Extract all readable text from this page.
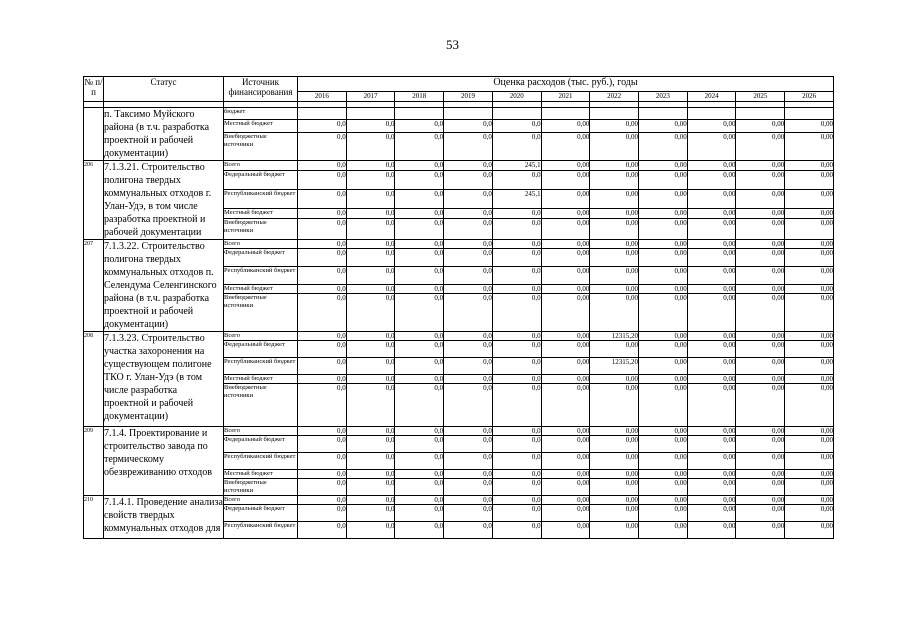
53
№ п/п	Статус	Источник финансирования	Оценка расходов (тыс. руб.), годы										
			2016	2017	2018	2019	2020	2021	2022	2023	2024	2025	2026

	п. Таксимо Муйского района (в т.ч. разработка проектной и рабочей документации)	бюджет											
		Местный бюджет	0,0	0,0	0,0	0,0	0,0	0,00	0,00	0,00	0,00	0,00	0,00
		Внебюджетные источники	0,0	0,0	0,0	0,0	0,0	0,00	0,00	0,00	0,00	0,00	0,00
206	7.1.3.21. Строительство полигона твердых коммунальных отходов г. Улан-Удэ, в том числе разработка проектной и рабочей документации	Всего	0,0	0,0	0,0	0,0	245,1	0,00	0,00	0,00	0,00	0,00	0,00
		Федеральный бюджет	0,0	0,0	0,0	0,0	0,0	0,00	0,00	0,00	0,00	0,00	0,00
		Республиканский бюджет	0,0	0,0	0,0	0,0	245,1	0,00	0,00	0,00	0,00	0,00	0,00
		Местный бюджет	0,0	0,0	0,0	0,0	0,0	0,00	0,00	0,00	0,00	0,00	0,00
		Внебюджетные источники	0,0	0,0	0,0	0,0	0,0	0,00	0,00	0,00	0,00	0,00	0,00
207	7.1.3.22. Строительство полигона твердых коммунальных отходов п. Селендума Селенгинского района (в т.ч. разработка проектной и рабочей документации)	Всего	0,0	0,0	0,0	0,0	0,0	0,00	0,00	0,00	0,00	0,00	0,00
		Федеральный бюджет	0,0	0,0	0,0	0,0	0,0	0,00	0,00	0,00	0,00	0,00	0,00
		Республиканский бюджет	0,0	0,0	0,0	0,0	0,0	0,00	0,00	0,00	0,00	0,00	0,00
		Местный бюджет	0,0	0,0	0,0	0,0	0,0	0,00	0,00	0,00	0,00	0,00	0,00
		Внебюджетные источники	0,0	0,0	0,0	0,0	0,0	0,00	0,00	0,00	0,00	0,00	0,00
208	7.1.3.23. Строительство участка захоронения на существующем полигоне ТКО г. Улан-Удэ (в том числе разработка проектной и рабочей документации)	Всего	0,0	0,0	0,0	0,0	0,0	0,00	12315,20	0,00	0,00	0,00	0,00
		Федеральный бюджет	0,0	0,0	0,0	0,0	0,0	0,00	0,00	0,00	0,00	0,00	0,00
		Республиканский бюджет	0,0	0,0	0,0	0,0	0,0	0,00	12315,20	0,00	0,00	0,00	0,00
		Местный бюджет	0,0	0,0	0,0	0,0	0,0	0,00	0,00	0,00	0,00	0,00	0,00
		Внебюджетные источники	0,0	0,0	0,0	0,0	0,0	0,00	0,00	0,00	0,00	0,00	0,00
209	7.1.4. Проектирование и строительство завода по термическому обезвреживанию отходов	Всего	0,0	0,0	0,0	0,0	0,0	0,00	0,00	0,00	0,00	0,00	0,00
		Федеральный бюджет	0,0	0,0	0,0	0,0	0,0	0,00	0,00	0,00	0,00	0,00	0,00
		Республиканский бюджет	0,0	0,0	0,0	0,0	0,0	0,00	0,00	0,00	0,00	0,00	0,00
		Местный бюджет	0,0	0,0	0,0	0,0	0,0	0,00	0,00	0,00	0,00	0,00	0,00
		Внебюджетные источники	0,0	0,0	0,0	0,0	0,0	0,00	0,00	0,00	0,00	0,00	0,00
210	7.1.4.1. Проведение анализа свойств твердых коммунальных отходов для	Всего	0,0	0,0	0,0	0,0	0,0	0,00	0,00	0,00	0,00	0,00	0,00
		Федеральный бюджет	0,0	0,0	0,0	0,0	0,0	0,00	0,00	0,00	0,00	0,00	0,00
		Республиканский бюджет	0,0	0,0	0,0	0,0	0,0	0,00	0,00	0,00	0,00	0,00	0,00
